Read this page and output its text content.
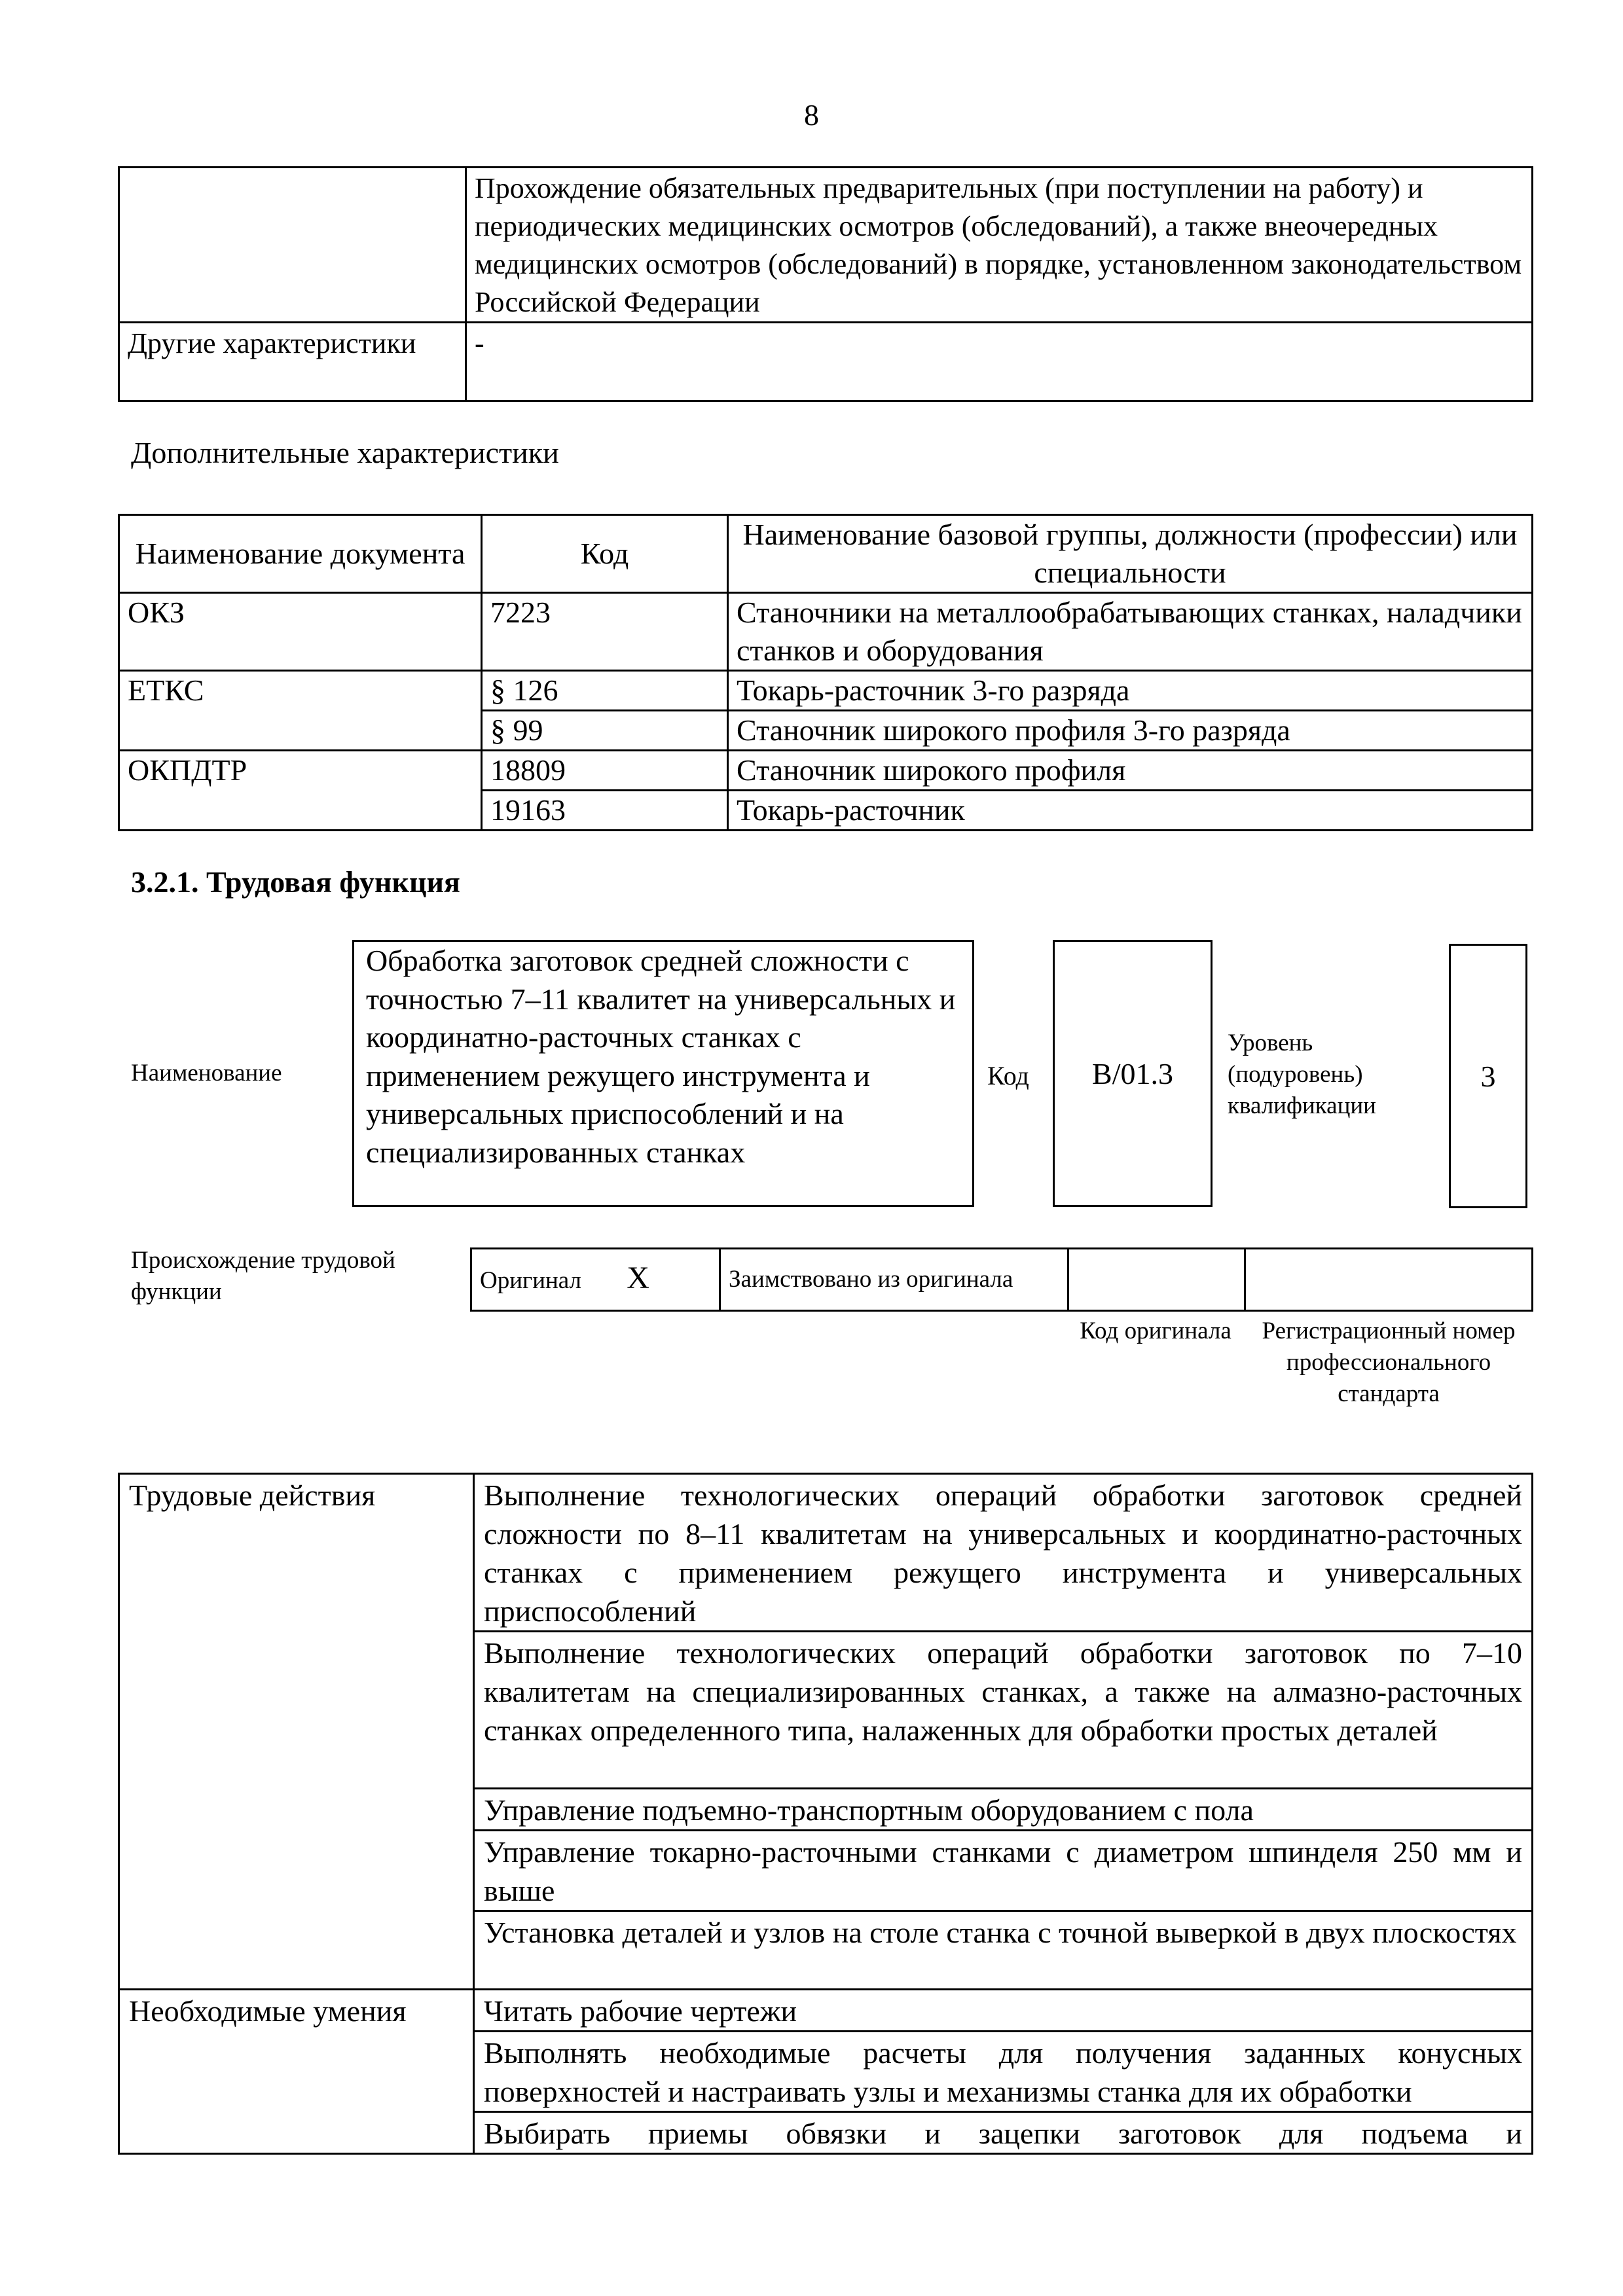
8
	Прохождение обязательных предварительных (при поступлении на работу) и периодических медицинских осмотров (обследований), а также внеочередных медицинских осмотров (обследований) в порядке, установленном законодательством Российской Федерации
Другие характеристики	-
Дополнительные характеристики
Наименование документа	Код	Наименование базовой группы, должности (профессии) или специальности
ОКЗ	7223	Станочники на металлообрабатывающих станках, наладчики станков и оборудования
ЕТКС	§ 126	Токарь-расточник 3-го разряда
	§ 99	Станочник широкого профиля 3-го разряда
ОКПДТР	18809	Станочник широкого профиля
	19163	Токарь-расточник
3.2.1. Трудовая функция
Наименование
Обработка заготовок средней сложности с точностью 7–11 квалитет на универсальных и координатно-расточных станках с применением режущего инструмента и универсальных приспособлений и на специализированных станках
Код	B/01.3
Уровень (подуровень) квалификации
3
Происхождение трудовой функции	Оригинал X	Заимствовано из оригинала		
Код оригинала	Регистрационный номер профессионального стандарта
Трудовые действия	Выполнение технологических операций обработки заготовок средней сложности по 8–11 квалитетам на универсальных и координатно-расточных станках с применением режущего инструмента и универсальных приспособлений
	Выполнение технологических операций обработки заготовок по 7–10 квалитетам на специализированных станках, а также на алмазно-расточных станках определенного типа, налаженных для обработки простых деталей
	Управление подъемно-транспортным оборудованием с пола
	Управление токарно-расточными станками с диаметром шпинделя 250 мм и выше
	Установка деталей и узлов на столе станка с точной выверкой в двух плоскостях
Необходимые умения	Читать рабочие чертежи
	Выполнять необходимые расчеты для получения заданных конусных поверхностей и настраивать узлы и механизмы станка для их обработки
	Выбирать приемы обвязки и зацепки заготовок для подъема и
